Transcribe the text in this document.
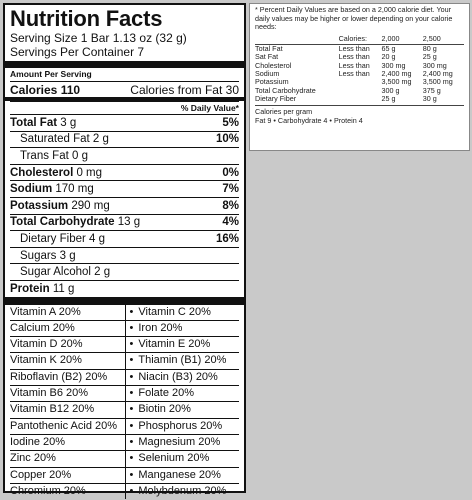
Nutrition Facts
Serving Size 1 Bar 1.13 oz (32 g)
Servings Per Container 7
Amount Per Serving
Calories 110	Calories from Fat 30
% Daily Value*
Total Fat 3 g	5%
Saturated Fat 2 g	10%
Trans Fat 0 g
Cholesterol 0 mg	0%
Sodium 170 mg	7%
Potassium 290 mg	8%
Total Carbohydrate 13 g	4%
Dietary Fiber 4 g	16%
Sugars 3 g
Sugar Alcohol 2 g
Protein 11 g
Vitamin A 20%	• Vitamin C 20%
Calcium 20%	• Iron 20%
Vitamin D 20%	• Vitamin E 20%
Vitamin K 20%	• Thiamin (B1) 20%
Riboflavin (B2) 20%	• Niacin (B3) 20%
Vitamin B6 20%	• Folate 20%
Vitamin B12 20%	• Biotin 20%
Pantothenic Acid 20%	• Phosphorus 20%
Iodine 20%	• Magnesium 20%
Zinc 20%	• Selenium 20%
Copper 20%	• Manganese 20%
Chromium 20%	• Molybdenum 20%
* Percent Daily Values are based on a 2,000 calorie diet. Your daily values may be higher or lower depending on your calorie needs:
	Calories:	2,000	2,500
Total Fat	Less than	65 g	80 g
Sat Fat	Less than	20 g	25 g
Cholesterol	Less than	300 mg	300 mg
Sodium	Less than	2,400 mg	2,400 mg
Potassium		3,500 mg	3,500 mg
Total Carbohydrate		300 g	375 g
Dietary Fiber		25 g	30 g
Calories per gram
Fat 9 • Carbohydrate 4 • Protein 4
